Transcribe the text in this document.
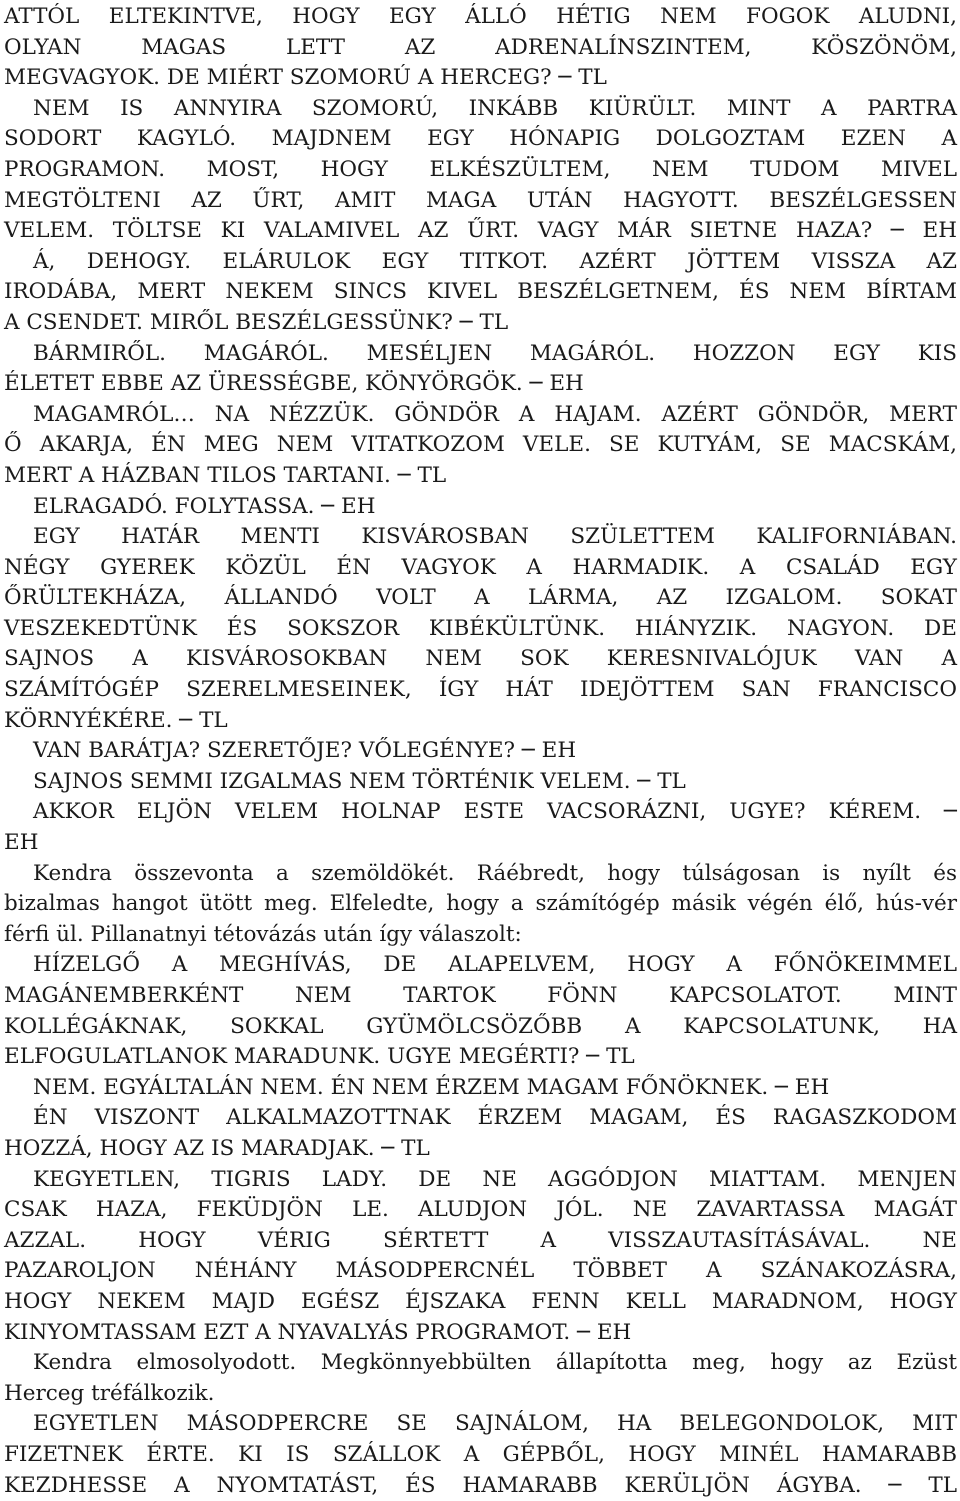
ATTÓL ELTEKINTVE, HOGY EGY ÁLLÓ HÉTIG NEM FOGOK ALUDNI,
OLYAN MAGAS LETT AZ ADRENALÍNSZINTEM, KÖSZÖNÖM,
MEGVAGYOK. DE MIÉRT SZOMORÚ A HERCEG? ─ TL
NEM IS ANNYIRA SZOMORÚ, INKÁBB KIÜRÜLT. MINT A PARTRA
SODORT KAGYLÓ. MAJDNEM EGY HÓNAPIG DOLGOZTAM EZEN A
PROGRAMON. MOST, HOGY ELKÉSZÜLTEM, NEM TUDOM MIVEL
MEGTÖLTENI AZ ŰRT, AMIT MAGA UTÁN HAGYOTT. BESZÉLGESSEN
VELEM. TÖLTSE KI VALAMIVEL AZ ŰRT. VAGY MÁR SIETNE HAZA? ─ EH
Á, DEHOGY. ELÁRULOK EGY TITKOT. AZÉRT JÖTTEM VISSZA AZ
IRODÁBA, MERT NEKEM SINCS KIVEL BESZÉLGETNEM, ÉS NEM BÍRTAM
A CSENDET. MIRŐL BESZÉLGESSÜNK? ─ TL
BÁRMIRŐL. MAGÁRÓL. MESÉLJEN MAGÁRÓL. HOZZON EGY KIS
ÉLETET EBBE AZ ÜRESSÉGBE, KÖNYÖRGÖK. ─ EH
MAGAMRÓL… NA NÉZZÜK. GÖNDÖR A HAJAM. AZÉRT GÖNDÖR, MERT
Ő AKARJA, ÉN MEG NEM VITATKOZOM VELE. SE KUTYÁM, SE MACSKÁM,
MERT A HÁZBAN TILOS TARTANI. ─ TL
ELRAGADÓ. FOLYTASSA. ─ EH
EGY HATÁR MENTI KISVÁROSBAN SZÜLETTEM KALIFORNIÁBAN.
NÉGY GYEREK KÖZÜL ÉN VAGYOK A HARMADIK. A CSALÁD EGY
ŐRÜLTEKHÁZA, ÁLLANDÓ VOLT A LÁRMA, AZ IZGALOM. SOKAT
VESZEKEDTÜNK ÉS SOKSZOR KIBÉKÜLTÜNK. HIÁNYZIK. NAGYON. DE
SAJNOS A KISVÁROSOKBAN NEM SOK KERESNIVALÓJUK VAN A
SZÁMÍTÓGÉP SZERELMESEINEK, ÍGY HÁT IDEJÖTTEM SAN FRANCISCO
KÖRNYÉKÉRE. ─ TL
VAN BARÁTJA? SZERETŐJE? VŐLEGÉNYE? ─ EH
SAJNOS SEMMI IZGALMAS NEM TÖRTÉNIK VELEM. ─ TL
AKKOR ELJÖN VELEM HOLNAP ESTE VACSORÁZNI, UGYE? KÉREM. ─
EH
Kendra összevonta a szemöldökét. Ráébredt, hogy túlságosan is nyílt és
bizalmas hangot ütött meg. Elfeledte, hogy a számítógép másik végén élő, hús-vér
férfi ül. Pillanatnyi tétovázás után így válaszolt:
HÍZELGŐ A MEGHÍVÁS, DE ALAPELVEM, HOGY A FŐNÖKEIMMEL
MAGÁNEMBERKÉNT NEM TARTOK FÖNN KAPCSOLATOT. MINT
KOLLÉGÁKNAK, SOKKAL GYÜMÖLCSÖZŐBB A KAPCSOLATUNK, HA
ELFOGULATLANOK MARADUNK. UGYE MEGÉRTI? ─ TL
NEM. EGYÁLTALÁN NEM. ÉN NEM ÉRZEM MAGAM FŐNÖKNEK. ─ EH
ÉN VISZONT ALKALMAZOTTNAK ÉRZEM MAGAM, ÉS RAGASZKODOM
HOZZÁ, HOGY AZ IS MARADJAK. ─ TL
KEGYETLEN, TIGRIS LADY. DE NE AGGÓDJON MIATTAM. MENJEN
CSAK HAZA, FEKÜDJÖN LE. ALUDJON JÓL. NE ZAVARTASSA MAGÁT
AZZAL. HOGY VÉRIG SÉRTETT A VISSZAUTASÍTÁSÁVAL. NE
PAZAROLJON NÉHÁNY MÁSODPERCNÉL TÖBBET A SZÁNAKOZÁSRA,
HOGY NEKEM MAJD EGÉSZ ÉJSZAKA FENN KELL MARADNOM, HOGY
KINYOMTASSAM EZT A NYAVALYÁS PROGRAMOT. ─ EH
Kendra elmosolyodott. Megkönnyebbülten állapította meg, hogy az Ezüst
Herceg tréfálkozik.
EGYETLEN MÁSODPERCRE SE SAJNÁLOM, HA BELEGONDOLOK, MIT
FIZETNEK ÉRTE. KI IS SZÁLLOK A GÉPBŐL, HOGY MINÉL HAMARABB
KEZDHESSE A NYOMTATÁST, ÉS HAMARABB KERÜLJÖN ÁGYBA. ─ TL
